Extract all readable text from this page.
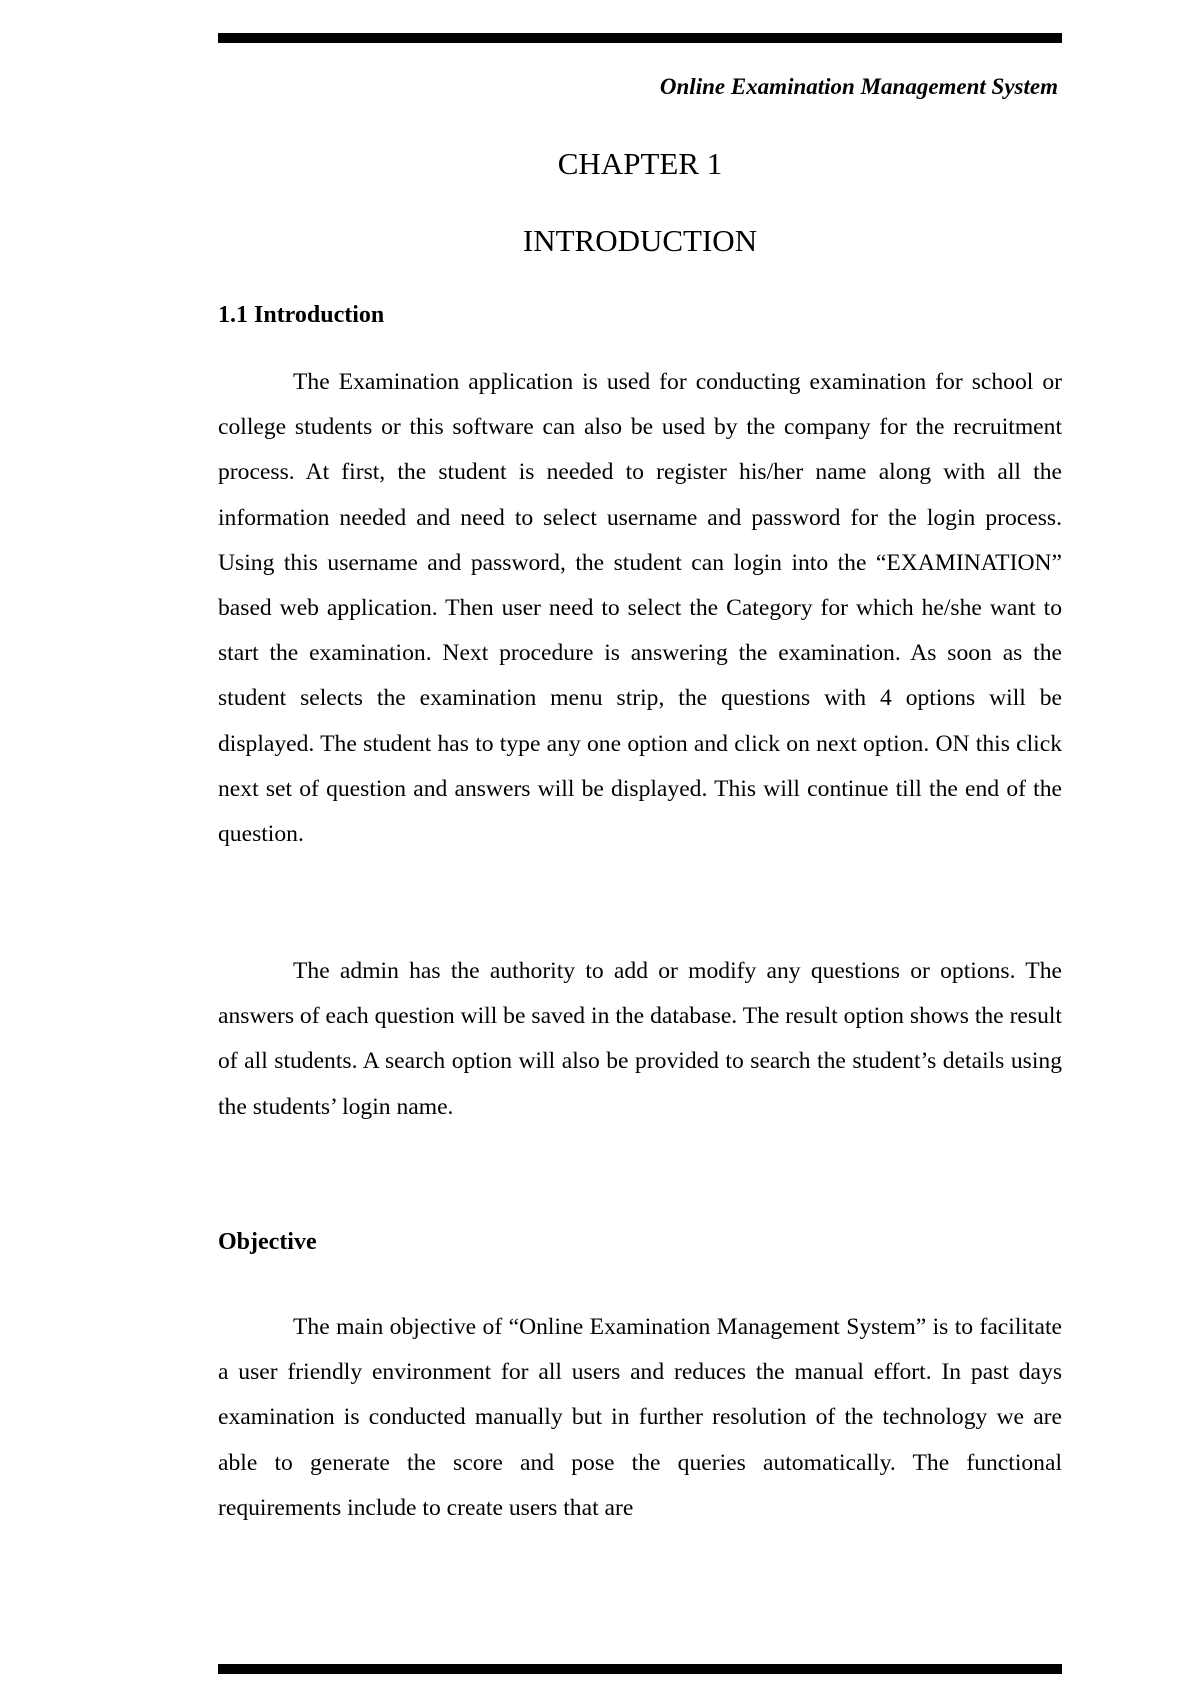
Online Examination Management System
CHAPTER 1
INTRODUCTION
1.1 Introduction

The Examination application is used for conducting examination for school or college students or this software can also be used by the company for the recruitment process. At first, the student is needed to register his/her name along with all the information needed and need to select username and password for the login process. Using this username and password, the student can login into the “EXAMINATION” based web application. Then user need to select the Category for which he/she want to start the examination. Next procedure is answering the examination. As soon as the student selects the examination menu strip, the questions with 4 options will be displayed. The student has to type any one option and click on next option. ON this click next set of question and answers will be displayed. This will continue till the end of the question.

The admin has the authority to add or modify any questions or options. The answers of each question will be saved in the database. The result option shows the result of all students. A search option will also be provided to search the student’s details using the students’ login name.

Objective

The main objective of “Online Examination Management System” is to facilitate a user friendly environment for all users and reduces the manual effort. In past days examination is conducted manually but in further resolution of the technology we are able to generate the score and pose the queries automatically. The functional requirements include to create users that are
